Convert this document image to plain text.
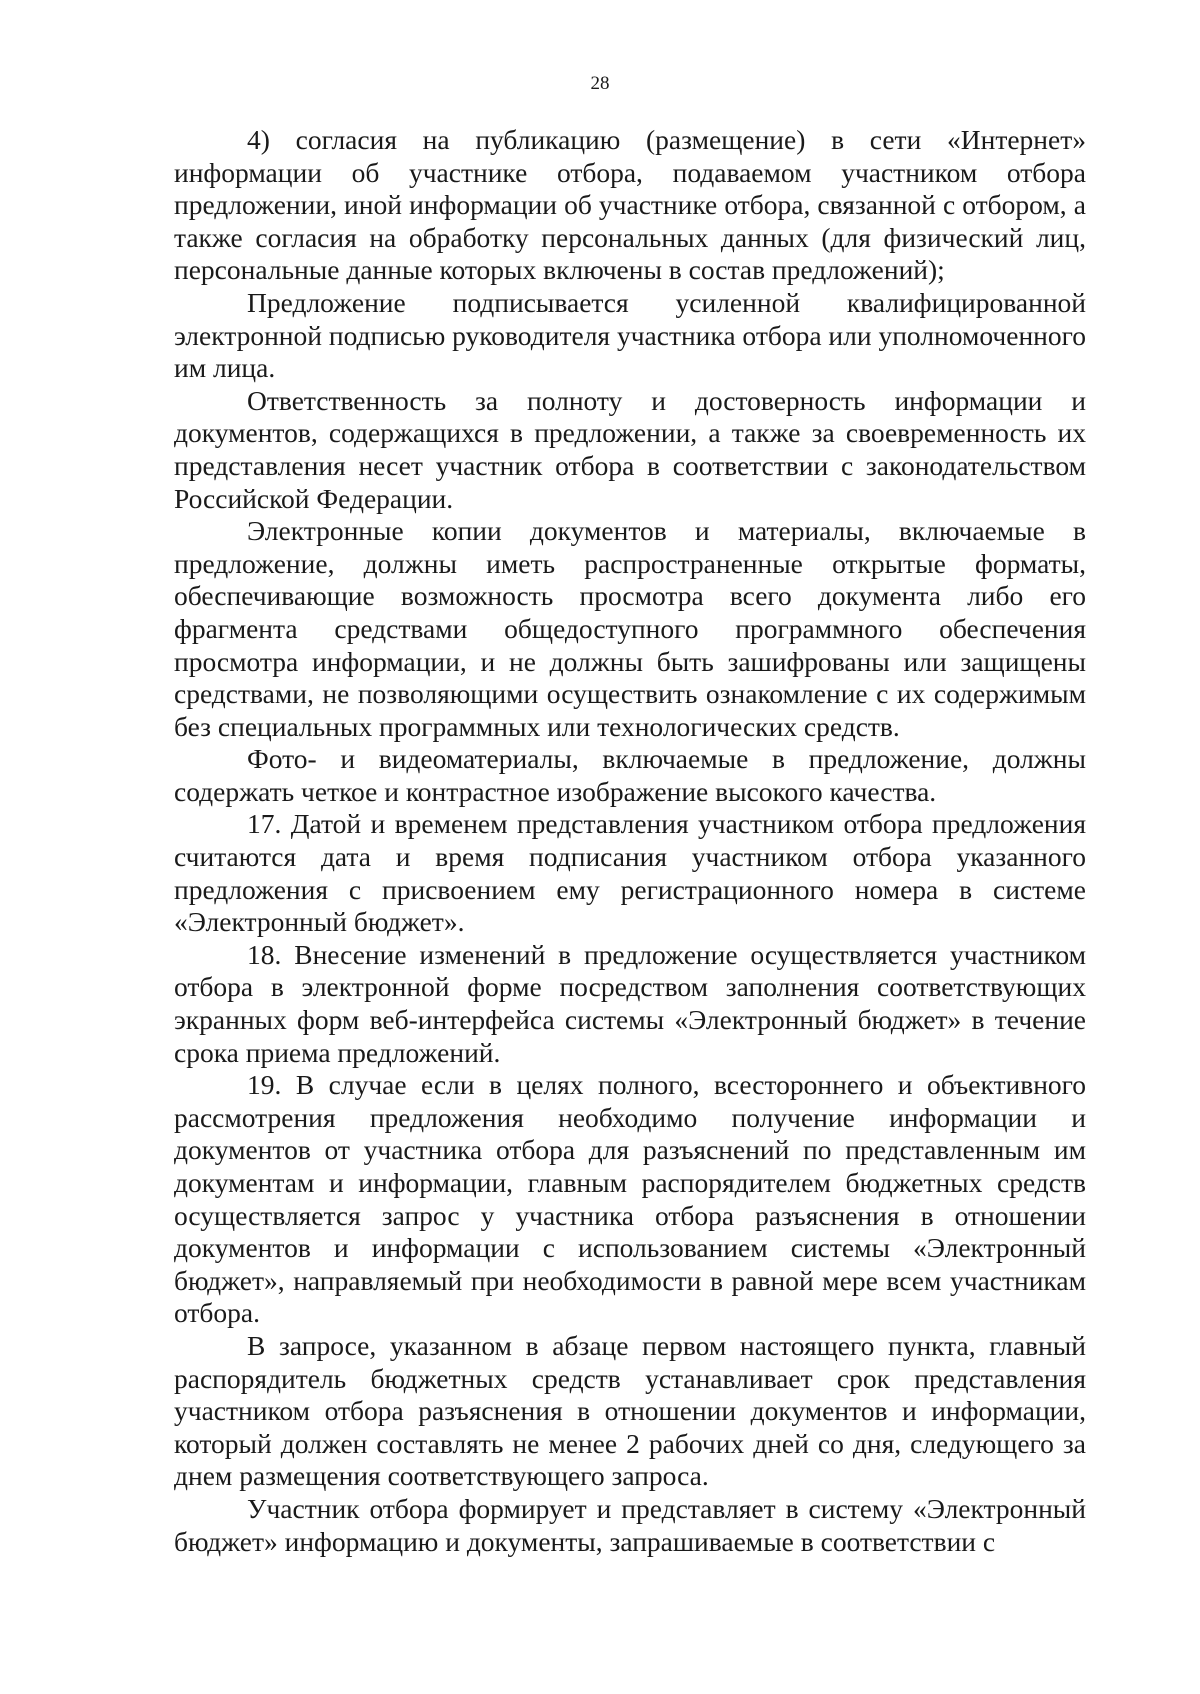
28

4) согласия на публикацию (размещение) в сети «Интернет» информации об участнике отбора, подаваемом участником отбора предложении, иной информации об участнике отбора, связанной с отбором, а также согласия на обработку персональных данных (для физический лиц, персональные данные которых включены в состав предложений);

Предложение подписывается усиленной квалифицированной электронной подписью руководителя участника отбора или уполномоченного им лица.

Ответственность за полноту и достоверность информации и документов, содержащихся в предложении, а также за своевременность их представления несет участник отбора в соответствии с законодательством Российской Федерации.

Электронные копии документов и материалы, включаемые в предложение, должны иметь распространенные открытые форматы, обеспечивающие возможность просмотра всего документа либо его фрагмента средствами общедоступного программного обеспечения просмотра информации, и не должны быть зашифрованы или защищены средствами, не позволяющими осуществить ознакомление с их содержимым без специальных программных или технологических средств.

Фото- и видеоматериалы, включаемые в предложение, должны содержать четкое и контрастное изображение высокого качества.

17. Датой и временем представления участником отбора предложения считаются дата и время подписания участником отбора указанного предложения с присвоением ему регистрационного номера в системе «Электронный бюджет».

18. Внесение изменений в предложение осуществляется участником отбора в электронной форме посредством заполнения соответствующих экранных форм веб-интерфейса системы «Электронный бюджет» в течение срока приема предложений.

19. В случае если в целях полного, всестороннего и объективного рассмотрения предложения необходимо получение информации и документов от участника отбора для разъяснений по представленным им документам и информации, главным распорядителем бюджетных средств осуществляется запрос у участника отбора разъяснения в отношении документов и информации с использованием системы «Электронный бюджет», направляемый при необходимости в равной мере всем участникам отбора.

В запросе, указанном в абзаце первом настоящего пункта, главный распорядитель бюджетных средств устанавливает срок представления участником отбора разъяснения в отношении документов и информации, который должен составлять не менее 2 рабочих дней со дня, следующего за днем размещения соответствующего запроса.

Участник отбора формирует и представляет в систему «Электронный бюджет» информацию и документы, запрашиваемые в соответствии с
